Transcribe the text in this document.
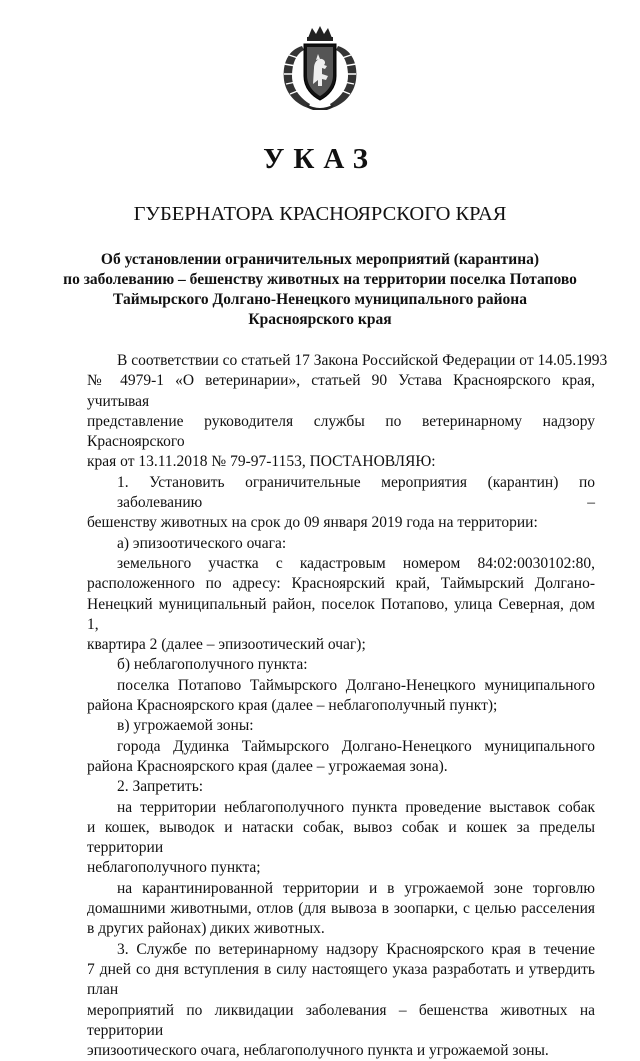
УКАЗ
ГУБЕРНАТОРА КРАСНОЯРСКОГО КРАЯ
Об установлении ограничительных мероприятий (карантина)
по заболеванию – бешенству животных на территории поселка Потапово
Таймырского Долгано-Ненецкого муниципального района
Красноярского края
В соответствии со статьей 17 Закона Российской Федерации от 14.05.1993
№ 4979-1 «О ветеринарии», статьей 90 Устава Красноярского края, учитывая
представление руководителя службы по ветеринарному надзору Красноярского
края от 13.11.2018 № 79-97-1153, ПОСТАНОВЛЯЮ:
1. Установить ограничительные мероприятия (карантин) по заболеванию –
бешенству животных на срок до 09 января 2019 года на территории:
а) эпизоотического очага:
земельного участка с кадастровым номером 84:02:0030102:80,
расположенного по адресу: Красноярский край, Таймырский Долгано-
Ненецкий муниципальный район, поселок Потапово, улица Северная, дом 1,
квартира 2 (далее – эпизоотический очаг);
б) неблагополучного пункта:
поселка Потапово Таймырского Долгано-Ненецкого муниципального
района Красноярского края (далее – неблагополучный пункт);
в) угрожаемой зоны:
города Дудинка Таймырского Долгано-Ненецкого муниципального
района Красноярского края (далее – угрожаемая зона).
2. Запретить:
на территории неблагополучного пункта проведение выставок собак
и кошек, выводок и натаски собак, вывоз собак и кошек за пределы территории
неблагополучного пункта;
на карантинированной территории и в угрожаемой зоне торговлю
домашними животными, отлов (для вывоза в зоопарки, с целью расселения
в других районах) диких животных.
3. Службе по ветеринарному надзору Красноярского края в течение
7 дней со дня вступления в силу настоящего указа разработать и утвердить план
мероприятий по ликвидации заболевания – бешенства животных на территории
эпизоотического очага, неблагополучного пункта и угрожаемой зоны.
